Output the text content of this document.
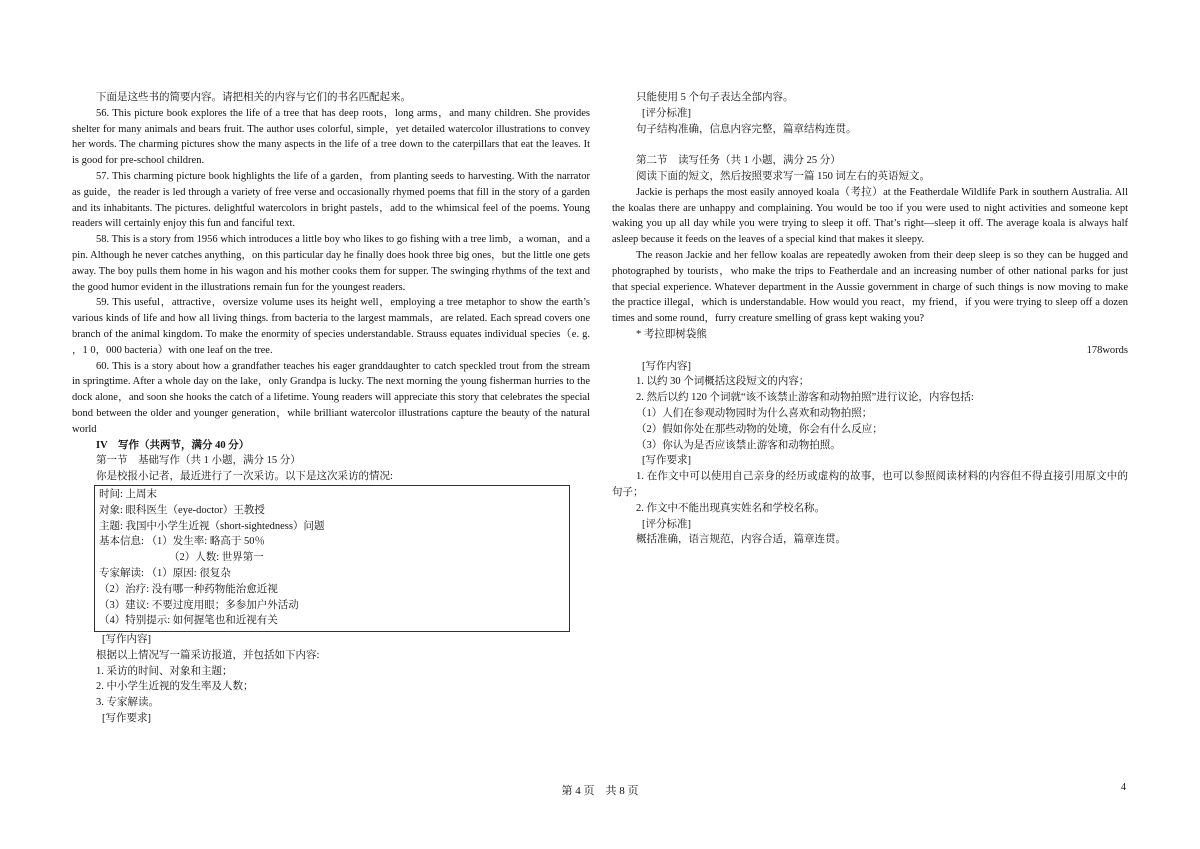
下面是这些书的简要内容。请把相关的内容与它们的书名匹配起来。

56. This picture book explores the life of a tree that has deep roots，long arms，and many children. She provides shelter for many animals and bears fruit. The author uses colorful, simple，yet detailed watercolor illustrations to convey her words. The charming pictures show the many aspects in the life of a tree down to the caterpillars that eat the leaves. It is good for pre-school children.

57. This charming picture book highlights the life of a garden，from planting seeds to harvesting. With the narrator as guide，the reader is led through a variety of free verse and occasionally rhymed poems that fill in the story of a garden and its inhabitants. The pictures. delightful watercolors in bright pastels，add to the whimsical feel of the poems. Young readers will certainly enjoy this fun and fanciful text.

58. This is a story from 1956 which introduces a little boy who likes to go fishing with a tree limb，a woman，and a pin. Although he never catches anything，on this particular day he finally does hook three big ones，but the little one gets away. The boy pulls them home in his wagon and his mother cooks them for supper. The swinging rhythms of the text and the good humor evident in the illustrations remain fun for the youngest readers.

59. This useful，attractive，oversize volume uses its height well，employing a tree metaphor to show the earth’s various kinds of life and how all living things. from bacteria to the largest mammals，are related. Each spread covers one branch of the animal kingdom. To make the enormity of species understandable. Strauss equates individual species（e. g. ，1 0，000 bacteria）with one leaf on the tree.

60. This is a story about how a grandfather teaches his eager granddaughter to catch speckled trout from the stream in springtime. After a whole day on the lake，only Grandpa is lucky. The next morning the young fisherman hurries to the dock alone，and soon she hooks the catch of a lifetime. Young readers will appreciate this story that celebrates the special bond between the older and younger generation，while brilliant watercolor illustrations capture the beauty of the natural world

IV　写作（共两节，满分 40 分）

第一节　基础写作（共 1 小题，满分 15 分）

你是校报小记者，最近进行了一次采访。以下是这次采访的情况:

时间: 上周末

对象: 眼科医生（eye-doctor）王教授

主题: 我国中小学生近视（short-sightedness）问题

基本信息: （1）发生率: 略高于 50％

（2）人数: 世界第一

专家解读: （1）原因: 很复杂

（2）治疗: 没有哪一种药物能治愈近视

（3）建议: 不要过度用眼；多参加户外活动

（4）特别提示: 如何握笔也和近视有关

[写作内容]

根据以上情况写一篇采访报道，并包括如下内容:

1. 采访的时间、对象和主题；

2. 中小学生近视的发生率及人数；

3. 专家解读。

[写作要求]

只能使用 5 个句子表达全部内容。

[评分标准]

句子结构准确，信息内容完整，篇章结构连贯。

第二节　读写任务（共 1 小题，满分 25 分）

阅读下面的短文，然后按照要求写一篇 150 词左右的英语短文。

Jackie is perhaps the most easily annoyed koala（考拉）at the Featherdale Wildlife Park in southern Australia. All the koalas there are unhappy and complaining. You would be too if you were used to night activities and someone kept waking you up all day while you were trying to sleep it off. That’s right—sleep it off. The average koala is always half asleep because it feeds on the leaves of a special kind that makes it sleepy.

The reason Jackie and her fellow koalas are repeatedly awoken from their deep sleep is so they can be hugged and photographed by tourists，who make the trips to Featherdale and an increasing number of other national parks for just that special experience. Whatever department in the Aussie government in charge of such things is now moving to make the practice illegal，which is understandable. How would you react，my friend，if you were trying to sleep off a dozen times and some round，furry creature smelling of grass kept waking you?

* 考拉即树袋熊

178words

[写作内容]

1. 以约 30 个词概括这段短文的内容；

2. 然后以约 120 个词就“该不该禁止游客和动物拍照”进行议论，内容包括:

（1）人们在参观动物园时为什么喜欢和动物拍照；

（2）假如你处在那些动物的处境，你会有什么反应；

（3）你认为是否应该禁止游客和动物拍照。

[写作要求]

1. 在作文中可以使用自己亲身的经历或虚构的故事，也可以参照阅读材料的内容但不得直接引用原文中的句子；

2. 作文中不能出现真实姓名和学校名称。

[评分标准]

概括准确，语言规范，内容合适，篇章连贯。

第 4 页　共 8 页	4
